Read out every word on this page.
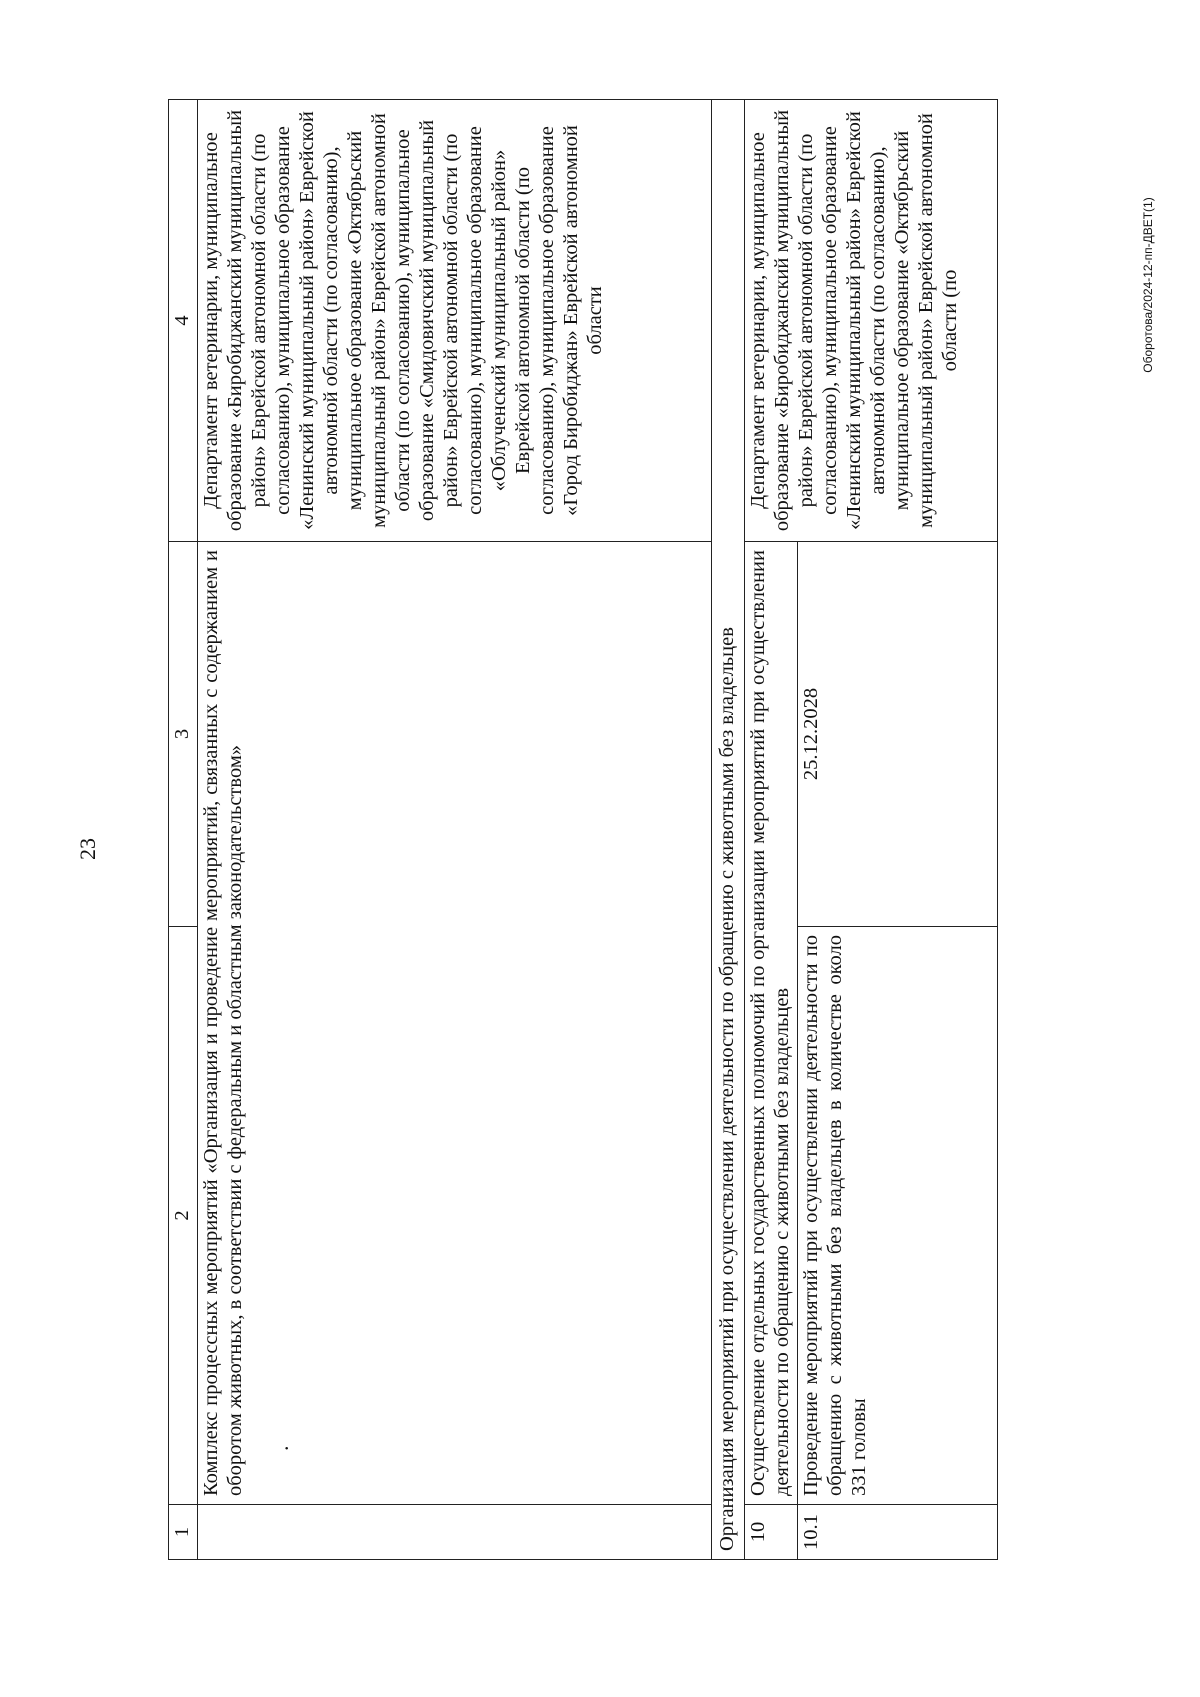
23
Оборотова/2024-12-пп-ДВЕТ(1)
1	2	3	4

.	Комплекс процессных мероприятий «Организация и проведение мероприятий, связанных с содержанием и оборотом животных, в соответствии с федеральным и областным законодательством»		Департамент ветеринарии, муниципальное образование «Биробиджанский муниципальный район» Еврейской автономной области (по согласованию), муниципальное образование «Ленинский муниципальный район» Еврейской автономной области (по согласованию), муниципальное образование «Октябрьский муниципальный район» Еврейской автономной области (по согласованию), муниципальное образование «Смидовичский муниципальный район» Еврейской автономной области (по согласованию), муниципальное образование «Облученский муниципальный район» Еврейской автономной области (по согласованию), муниципальное образование «Город Биробиджан» Еврейской автономной области
Организация мероприятий при осуществлении деятельности по обращению с животными без владельцев			
10	Осуществление отдельных государственных полномочий по организации мероприятий при осуществлении деятельности по обращению с животными без владельцев		Департамент ветеринарии, муниципальное образование «Биробиджанский муниципальный район» Еврейской автономной области (по согласованию), муниципальное образование «Ленинский муниципальный район» Еврейской автономной области (по согласованию), муниципальное образование «Октябрьский муниципальный район» Еврейской автономной области (по
10.1	Проведение мероприятий при осуществлении деятельности по обращению с животными без владельцев в количестве около 331 головы	25.12.2028	
